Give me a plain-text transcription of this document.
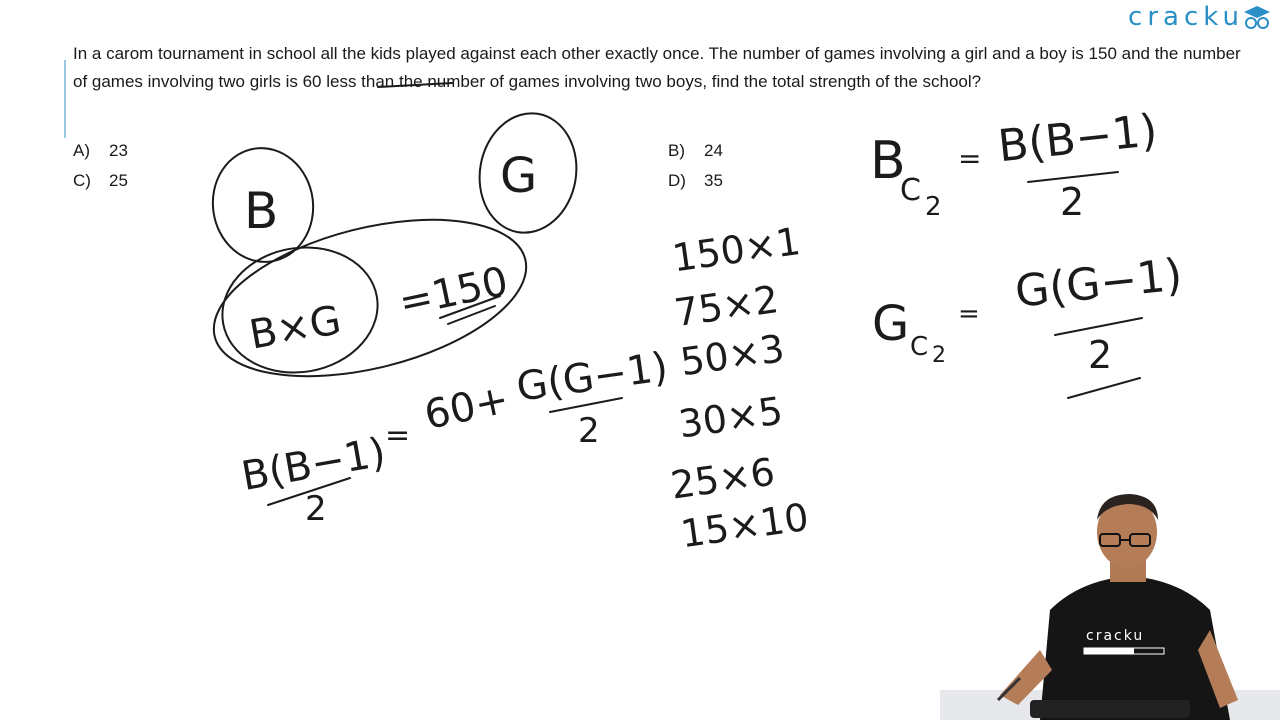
cracku
In a carom tournament in school all the kids played against each other exactly once. The number of games involving a girl and a boy is 150 and the number of games involving two girls is 60 less than the number of games involving two boys, find the total strength of the school?
A) 23	B) 24
C) 25	D) 35
B
G
B×G
=150
B(B−1)
2
= 60+ G(G−1)
2
150×1
75×2
50×3
30×5
25×6
15×10
B
C 2
= B(B−1)
2
G C 2
= G(G−1)
2
cracku
